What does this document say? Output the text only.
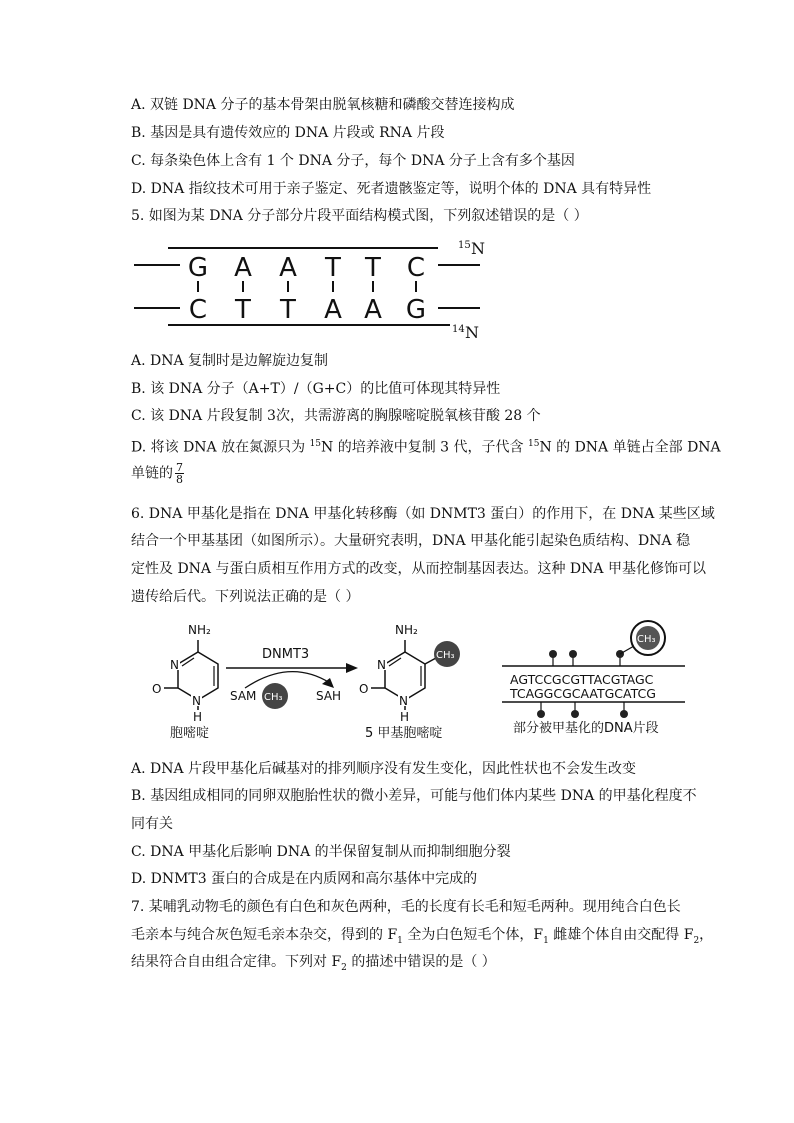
A. 双链 DNA 分子的基本骨架由脱氧核糖和磷酸交替连接构成
B. 基因是具有遗传效应的 DNA 片段或 RNA 片段
C. 每条染色体上含有 1 个 DNA 分子，每个 DNA 分子上含有多个基因
D. DNA 指纹技术可用于亲子鉴定、死者遗骸鉴定等，说明个体的 DNA 具有特异性
5. 如图为某 DNA 分子部分片段平面结构模式图，下列叙述错误的是（ ）
G A A T T C
C T T A A G
15 N
14 N
A. DNA 复制时是边解旋边复制
B. 该 DNA 分子（A+T）/（G+C）的比值可体现其特异性
C. 该 DNA 片段复制 3次，共需游离的胸腺嘧啶脱氧核苷酸 28 个
D. 将该 DNA 放在氮源只为 $^{15}$N 的培养液中复制 3 代，子代含 $^{15}$N 的 DNA 单链占全部 DNA
单链的 $\frac{7}{8}$
6. DNA 甲基化是指在 DNA 甲基化转移酶（如 DNMT3 蛋白）的作用下，在 DNA 某些区域
结合一个甲基基团（如图所示）。大量研究表明，DNA 甲基化能引起染色质结构、DNA 稳
定性及 DNA 与蛋白质相互作用方式的改变，从而控制基因表达。这种 DNA 甲基化修饰可以
遗传给后代。下列说法正确的是（ ）
NH₂
N
N
O
H
胞嘧啶
DNMT3
SAM CH₃	SAH
NH₂
N
N
O
H
CH₃
5 甲基胞嘧啶
CH₃
AGTCCGCGTTACGTAGC
TCAGGCGCAATGCATCG
部分被甲基化的DNA片段
A. DNA 片段甲基化后碱基对的排列顺序没有发生变化，因此性状也不会发生改变
B. 基因组成相同的同卵双胞胎性状的微小差异，可能与他们体内某些 DNA 的甲基化程度不
同有关
C. DNA 甲基化后影响 DNA 的半保留复制从而抑制细胞分裂
D. DNMT3 蛋白的合成是在内质网和高尔基体中完成的
7. 某哺乳动物毛的颜色有白色和灰色两种，毛的长度有长毛和短毛两种。现用纯合白色长
毛亲本与纯合灰色短毛亲本杂交，得到的 $F_1$ 全为白色短毛个体，$F_1$ 雌雄个体自由交配得 $F_2$，
结果符合自由组合定律。下列对 $F_2$ 的描述中错误的是（ ）
